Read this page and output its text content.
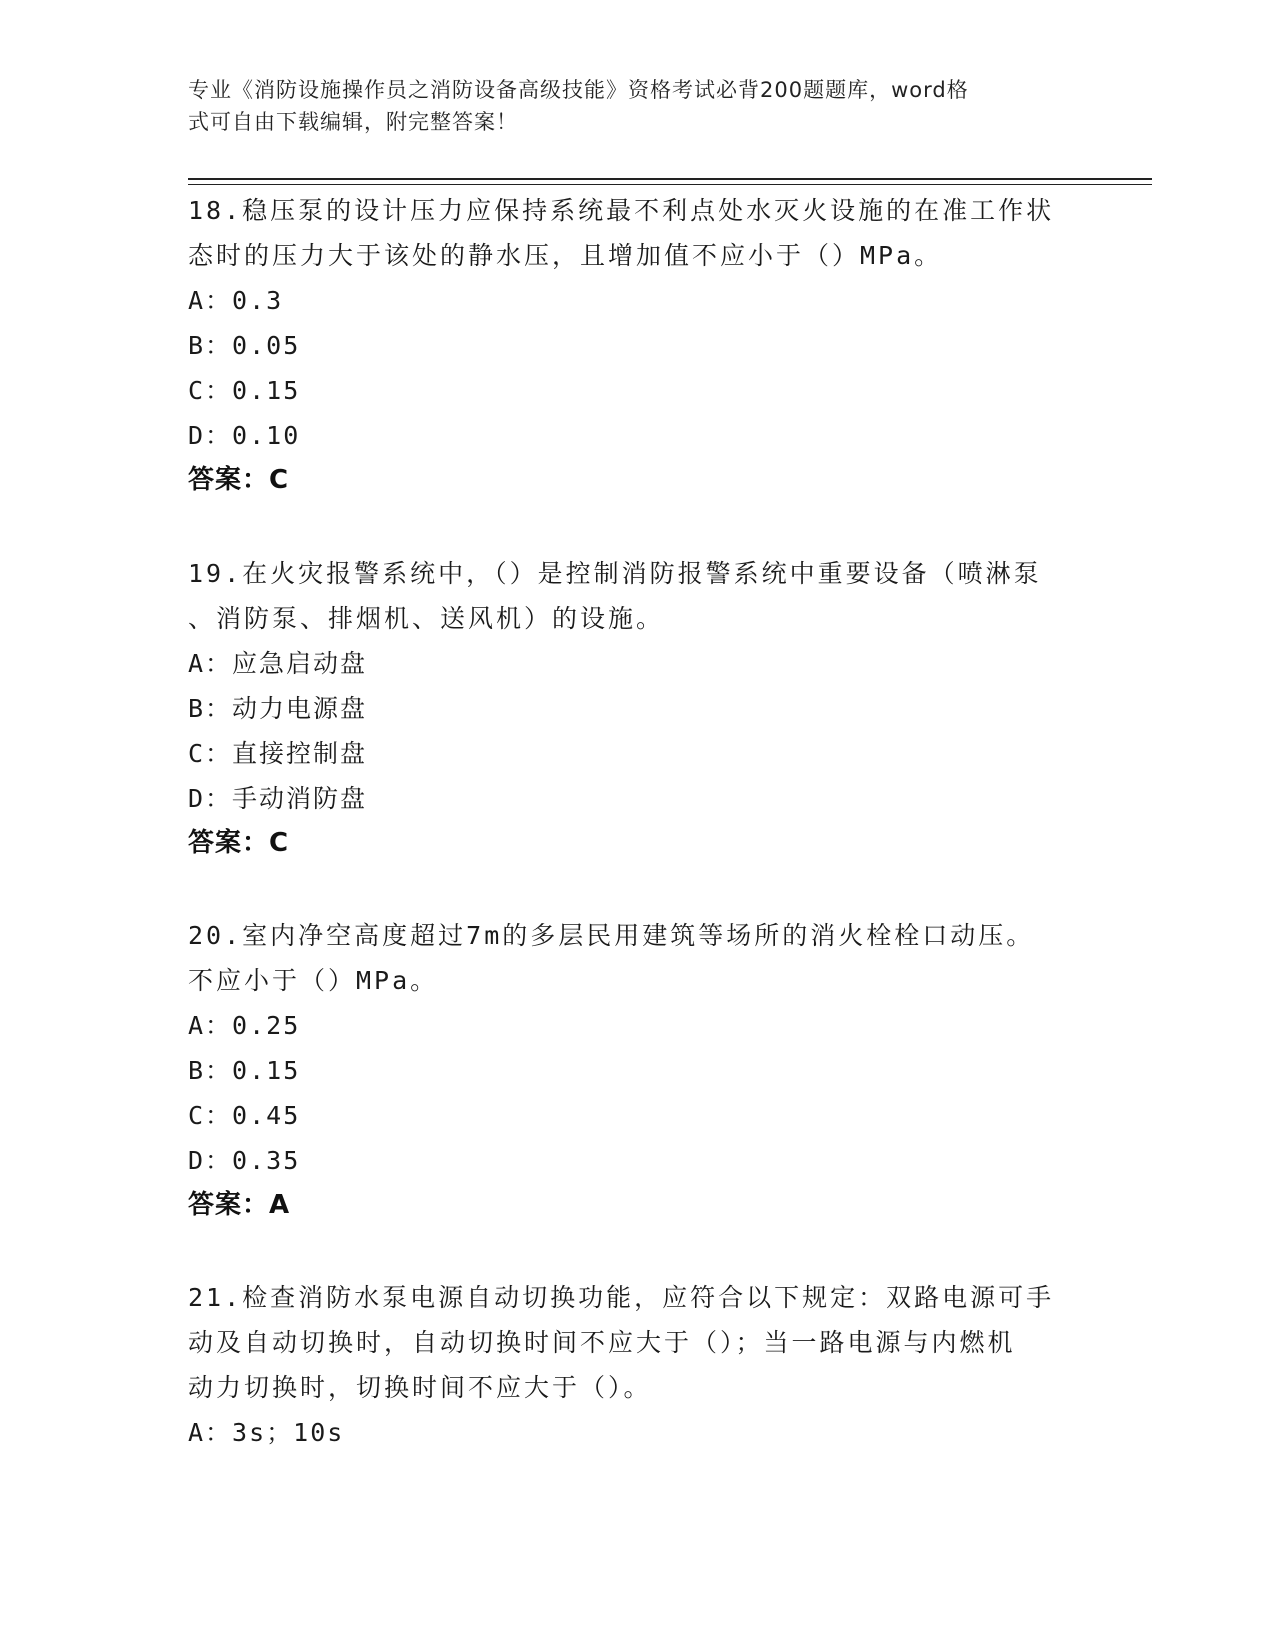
专业《消防设施操作员之消防设备高级技能》资格考试必背200题题库，word格
式可自由下载编辑，附完整答案！
18.稳压泵的设计压力应保持系统最不利点处水灭火设施的在准工作状
态时的压力大于该处的静水压，且增加值不应小于（）MPa。
A：0.3
B：0.05
C：0.15
D：0.10
答案：C
19.在火灾报警系统中，（）是控制消防报警系统中重要设备（喷淋泵
、消防泵、排烟机、送风机）的设施。
A：应急启动盘
B：动力电源盘
C：直接控制盘
D：手动消防盘
答案：C
20.室内净空高度超过7m的多层民用建筑等场所的消火栓栓口动压。
不应小于（）MPa。
A：0.25
B：0.15
C：0.45
D：0.35
答案：A
21.检查消防水泵电源自动切换功能，应符合以下规定：双路电源可手
动及自动切换时，自动切换时间不应大于（）；当一路电源与内燃机
动力切换时，切换时间不应大于（）。
A：3s；10s
